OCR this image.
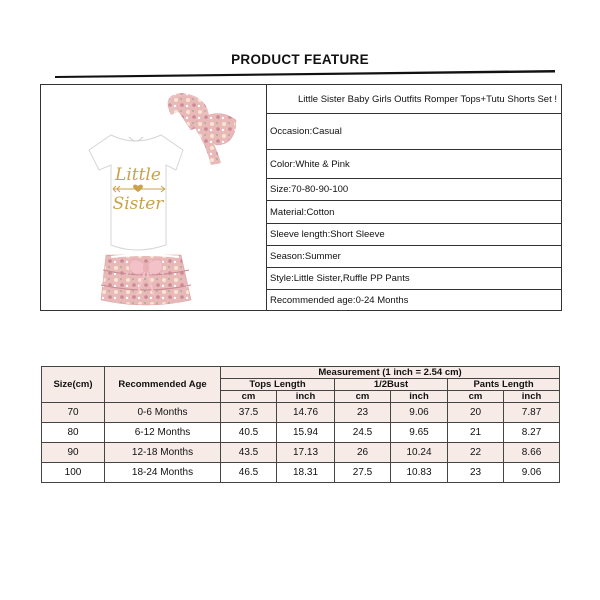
PRODUCT FEATURE
Little
Sister
Little Sister Baby Girls Outfits Romper Tops+Tutu Shorts Set !
Occasion: Casual
Color: White & Pink
Size: 70-80-90-100
Material: Cotton
Sleeve length: Short Sleeve
Season: Summer
Style: Little Sister,Ruffle PP Pants
Recommended age: 0-24 Months
Size(cm)	Recommended Age	Measurement (1 inch = 2.54 cm)					
		Tops Length		1/2Bust		Pants Length	
		cm	inch	cm	inch	cm	inch
70	0-6 Months	37.5	14.76	23	9.06	20	7.87
80	6-12 Months	40.5	15.94	24.5	9.65	21	8.27
90	12-18 Months	43.5	17.13	26	10.24	22	8.66
100	18-24 Months	46.5	18.31	27.5	10.83	23	9.06
